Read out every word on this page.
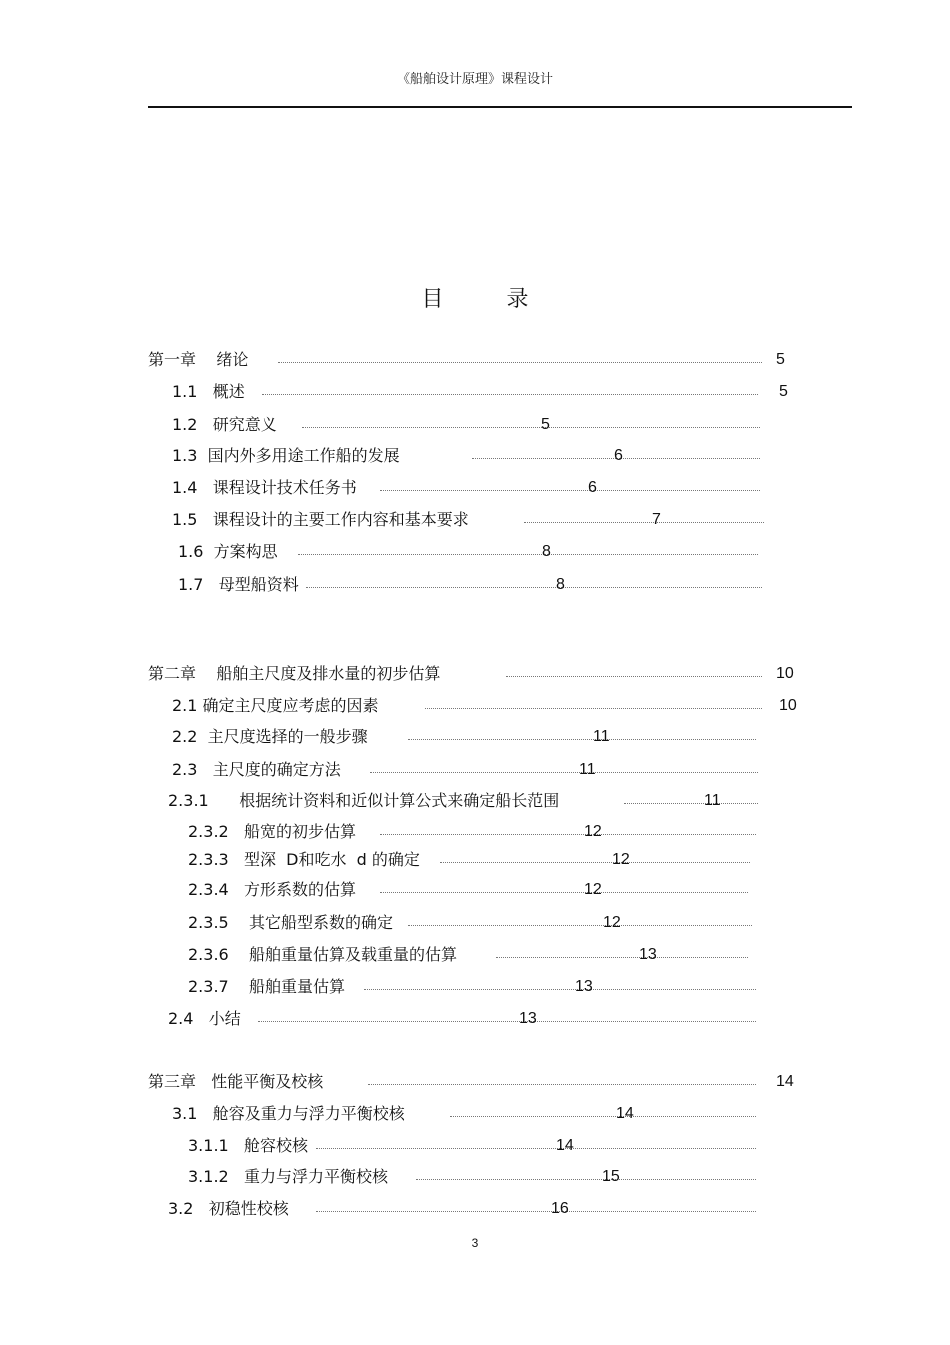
《船舶设计原理》课程设计
目 录
第一章    绪论	5
1.1   概述	5
1.2   研究意义	5
1.3  国内外多用途工作船的发展	6
1.4   课程设计技术任务书	6
1.5   课程设计的主要工作内容和基本要求	7
1.6  方案构思	8
1.7   母型船资料	8
第二章    船舶主尺度及排水量的初步估算	10
2.1 确定主尺度应考虑的因素	10
2.2  主尺度选择的一般步骤	11
2.3   主尺度的确定方法	11
2.3.1      根据统计资料和近似计算公式来确定船长范围	11
2.3.2   船宽的初步估算	12
2.3.3   型深  D和吃水  d 的确定	12
2.3.4   方形系数的估算	12
2.3.5    其它船型系数的确定	12
2.3.6    船舶重量估算及载重量的估算	13
2.3.7    船舶重量估算	13
2.4   小结	13
第三章   性能平衡及校核	14
3.1   舱容及重力与浮力平衡校核	14
3.1.1   舱容校核	14
3.1.2   重力与浮力平衡校核	15
3.2   初稳性校核	16
3
